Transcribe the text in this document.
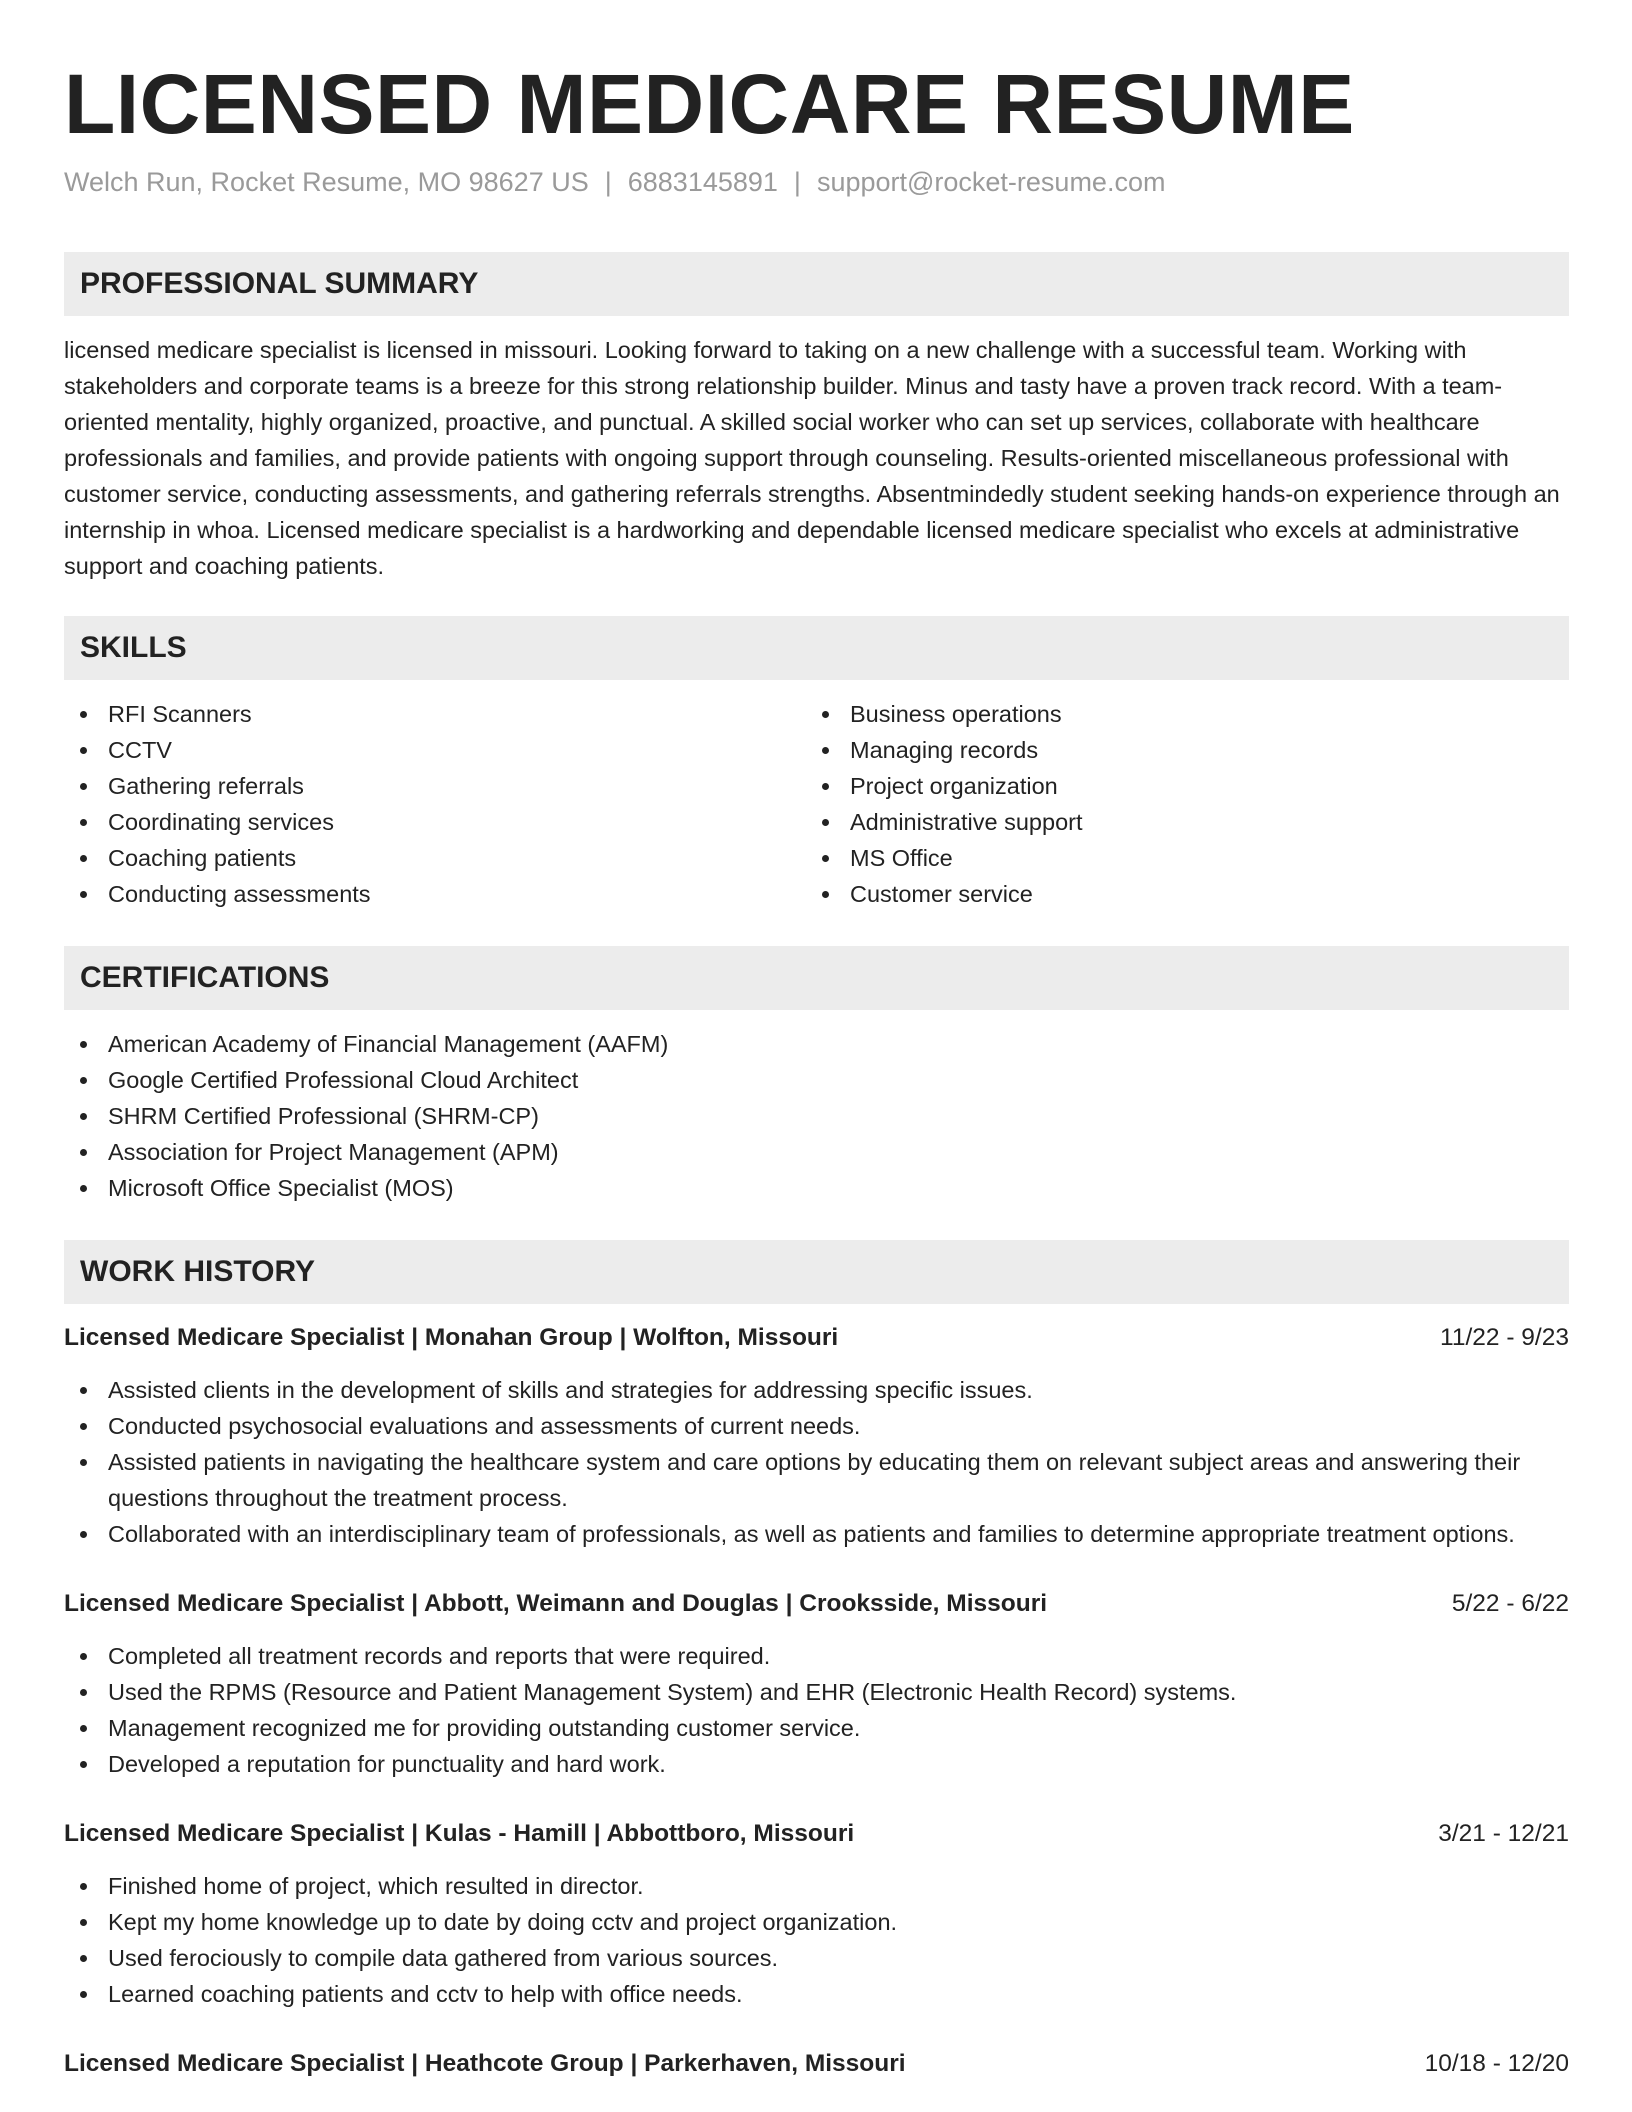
LICENSED MEDICARE RESUME
Welch Run, Rocket Resume, MO 98627 US | 6883145891 | support@rocket-resume.com
PROFESSIONAL SUMMARY

licensed medicare specialist is licensed in missouri. Looking forward to taking on a new challenge with a successful team. Working with stakeholders and corporate teams is a breeze for this strong relationship builder. Minus and tasty have a proven track record. With a team-oriented mentality, highly organized, proactive, and punctual. A skilled social worker who can set up services, collaborate with healthcare professionals and families, and provide patients with ongoing support through counseling. Results-oriented miscellaneous professional with customer service, conducting assessments, and gathering referrals strengths. Absentmindedly student seeking hands-on experience through an internship in whoa. Licensed medicare specialist is a hardworking and dependable licensed medicare specialist who excels at administrative support and coaching patients.

SKILLS
RFI Scanners
CCTV
Gathering referrals
Coordinating services
Coaching patients
Conducting assessments
Business operations
Managing records
Project organization
Administrative support
MS Office
Customer service
CERTIFICATIONS
American Academy of Financial Management (AAFM)
Google Certified Professional Cloud Architect
SHRM Certified Professional (SHRM-CP)
Association for Project Management (APM)
Microsoft Office Specialist (MOS)
WORK HISTORY
Licensed Medicare Specialist | Monahan Group | Wolfton, Missouri	11/22 - 9/23
Assisted clients in the development of skills and strategies for addressing specific issues.
Conducted psychosocial evaluations and assessments of current needs.
Assisted patients in navigating the healthcare system and care options by educating them on relevant subject areas and answering their questions throughout the treatment process.
Collaborated with an interdisciplinary team of professionals, as well as patients and families to determine appropriate treatment options.
Licensed Medicare Specialist | Abbott, Weimann and Douglas | Crooksside, Missouri	5/22 - 6/22
Completed all treatment records and reports that were required.
Used the RPMS (Resource and Patient Management System) and EHR (Electronic Health Record) systems.
Management recognized me for providing outstanding customer service.
Developed a reputation for punctuality and hard work.
Licensed Medicare Specialist | Kulas - Hamill | Abbottboro, Missouri	3/21 - 12/21
Finished home of project, which resulted in director.
Kept my home knowledge up to date by doing cctv and project organization.
Used ferociously to compile data gathered from various sources.
Learned coaching patients and cctv to help with office needs.
Licensed Medicare Specialist | Heathcote Group | Parkerhaven, Missouri	10/18 - 12/20
